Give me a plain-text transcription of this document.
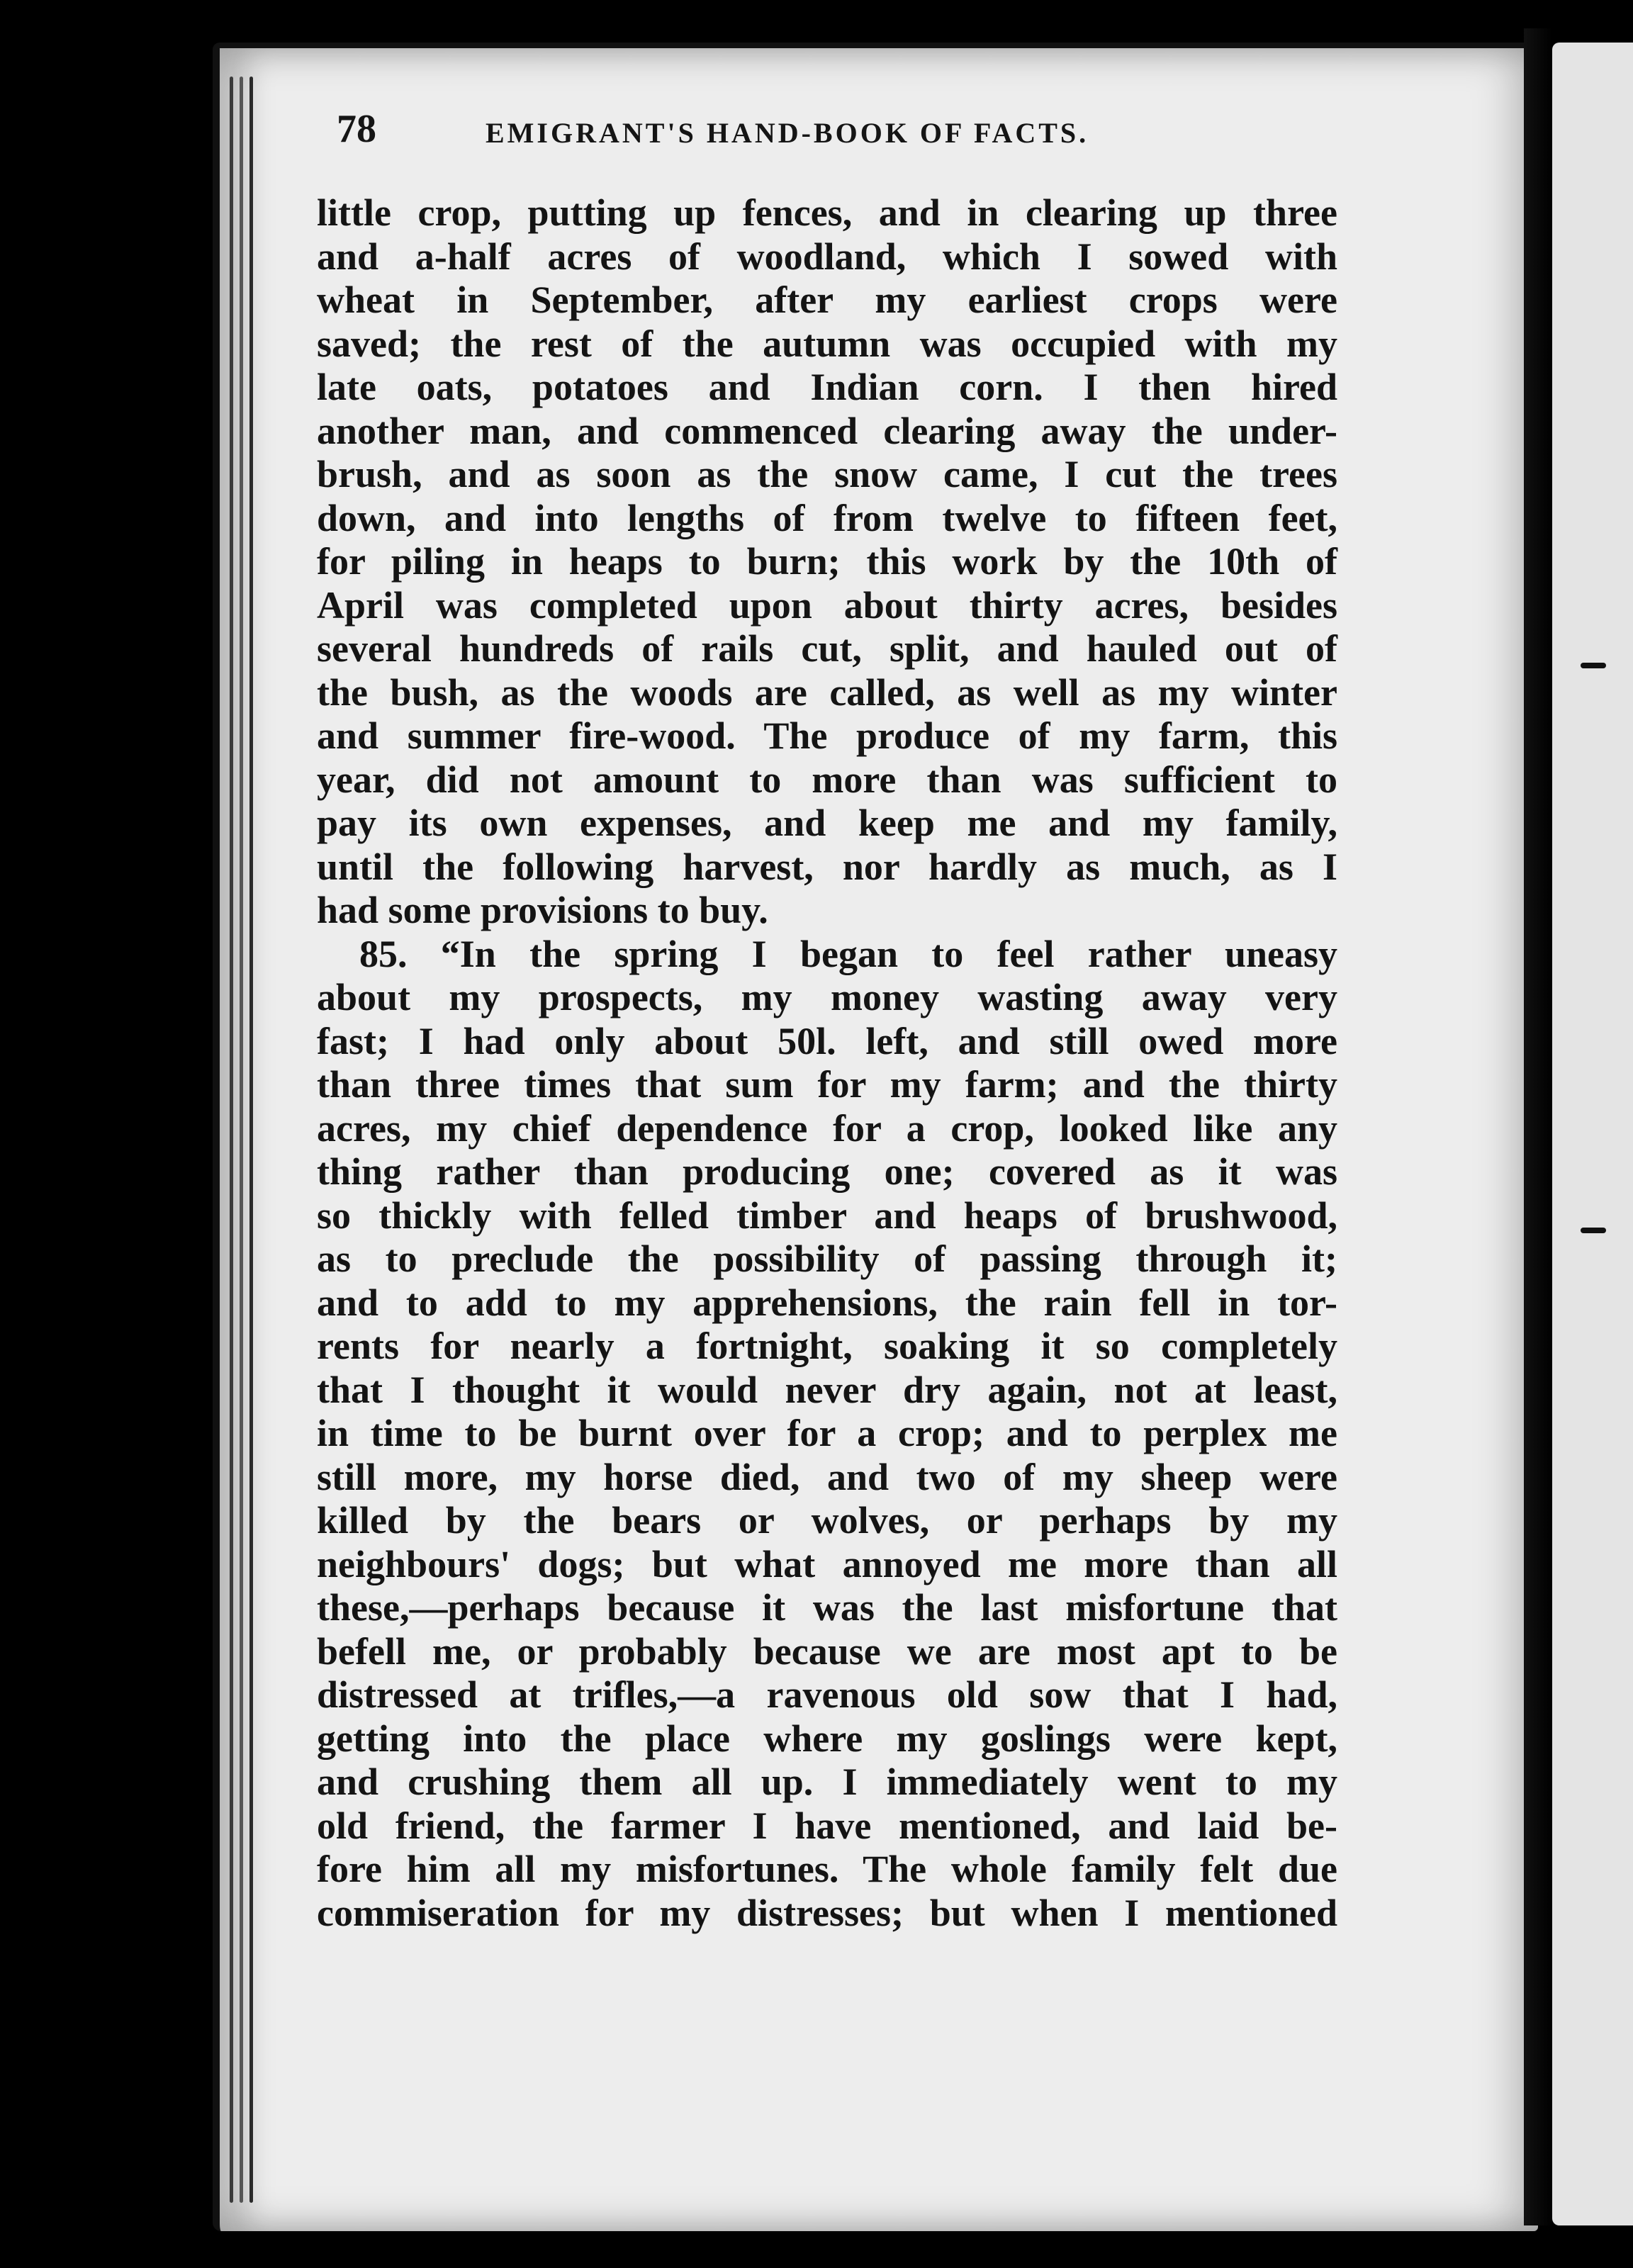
78	EMIGRANT'S HAND-BOOK OF FACTS.
little crop, putting up fences, and in clearing up three
and a-half acres of woodland, which I sowed with
wheat in September, after my earliest crops were
saved; the rest of the autumn was occupied with my
late oats, potatoes and Indian corn. I then hired
another man, and commenced clearing away the under-
brush, and as soon as the snow came, I cut the trees
down, and into lengths of from twelve to fifteen feet,
for piling in heaps to burn; this work by the 10th of
April was completed upon about thirty acres, besides
several hundreds of rails cut, split, and hauled out of
the bush, as the woods are called, as well as my winter
and summer fire-wood. The produce of my farm, this
year, did not amount to more than was sufficient to
pay its own expenses, and keep me and my family,
until the following harvest, nor hardly as much, as I
had some provisions to buy.
85. “In the spring I began to feel rather uneasy
about my prospects, my money wasting away very
fast; I had only about 50l. left, and still owed more
than three times that sum for my farm; and the thirty
acres, my chief dependence for a crop, looked like any
thing rather than producing one; covered as it was
so thickly with felled timber and heaps of brushwood,
as to preclude the possibility of passing through it;
and to add to my apprehensions, the rain fell in tor-
rents for nearly a fortnight, soaking it so completely
that I thought it would never dry again, not at least,
in time to be burnt over for a crop; and to perplex me
still more, my horse died, and two of my sheep were
killed by the bears or wolves, or perhaps by my
neighbours' dogs; but what annoyed me more than all
these,—perhaps because it was the last misfortune that
befell me, or probably because we are most apt to be
distressed at trifles,—a ravenous old sow that I had,
getting into the place where my goslings were kept,
and crushing them all up. I immediately went to my
old friend, the farmer I have mentioned, and laid be-
fore him all my misfortunes. The whole family felt due
commiseration for my distresses; but when I mentioned
